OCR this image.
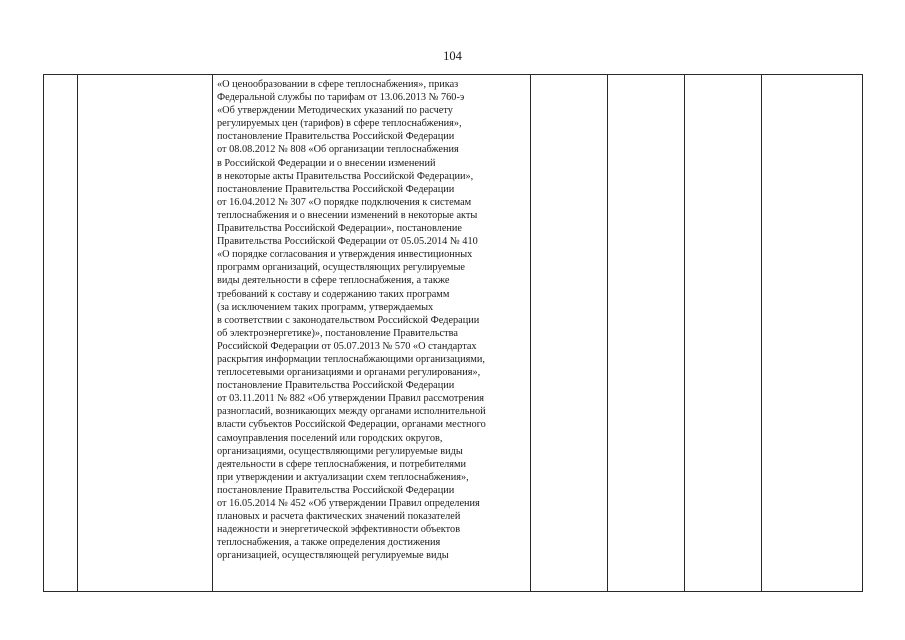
104

«О ценообразовании в сфере теплоснабжения», приказ
Федеральной службы по тарифам от 13.06.2013 № 760-э
«Об утверждении Методических указаний по расчету
регулируемых цен (тарифов) в сфере теплоснабжения»,
постановление Правительства Российской Федерации
от 08.08.2012 № 808 «Об организации теплоснабжения
в Российской Федерации и о внесении изменений
в некоторые акты Правительства Российской Федерации»,
постановление Правительства Российской Федерации
от 16.04.2012 № 307 «О порядке подключения к системам
теплоснабжения и о внесении изменений в некоторые акты
Правительства Российской Федерации», постановление
Правительства Российской Федерации от 05.05.2014 № 410
«О порядке согласования и утверждения инвестиционных
программ организаций, осуществляющих регулируемые
виды деятельности в сфере теплоснабжения, а также
требований к составу и содержанию таких программ
(за исключением таких программ, утверждаемых
в соответствии с законодательством Российской Федерации
об электроэнергетике)», постановление Правительства
Российской Федерации от 05.07.2013 № 570 «О стандартах
раскрытия информации теплоснабжающими организациями,
теплосетевыми организациями и органами регулирования»,
постановление Правительства Российской Федерации
от 03.11.2011 № 882 «Об утверждении Правил рассмотрения
разногласий, возникающих между органами исполнительной
власти субъектов Российской Федерации, органами местного
самоуправления поселений или городских округов,
организациями, осуществляющими регулируемые виды
деятельности в сфере теплоснабжения, и потребителями
при утверждении и актуализации схем теплоснабжения»,
постановление Правительства Российской Федерации
от 16.05.2014 № 452 «Об утверждении Правил определения
плановых и расчета фактических значений показателей
надежности и энергетической эффективности объектов
теплоснабжения, а также определения достижения
организацией, осуществляющей регулируемые виды
